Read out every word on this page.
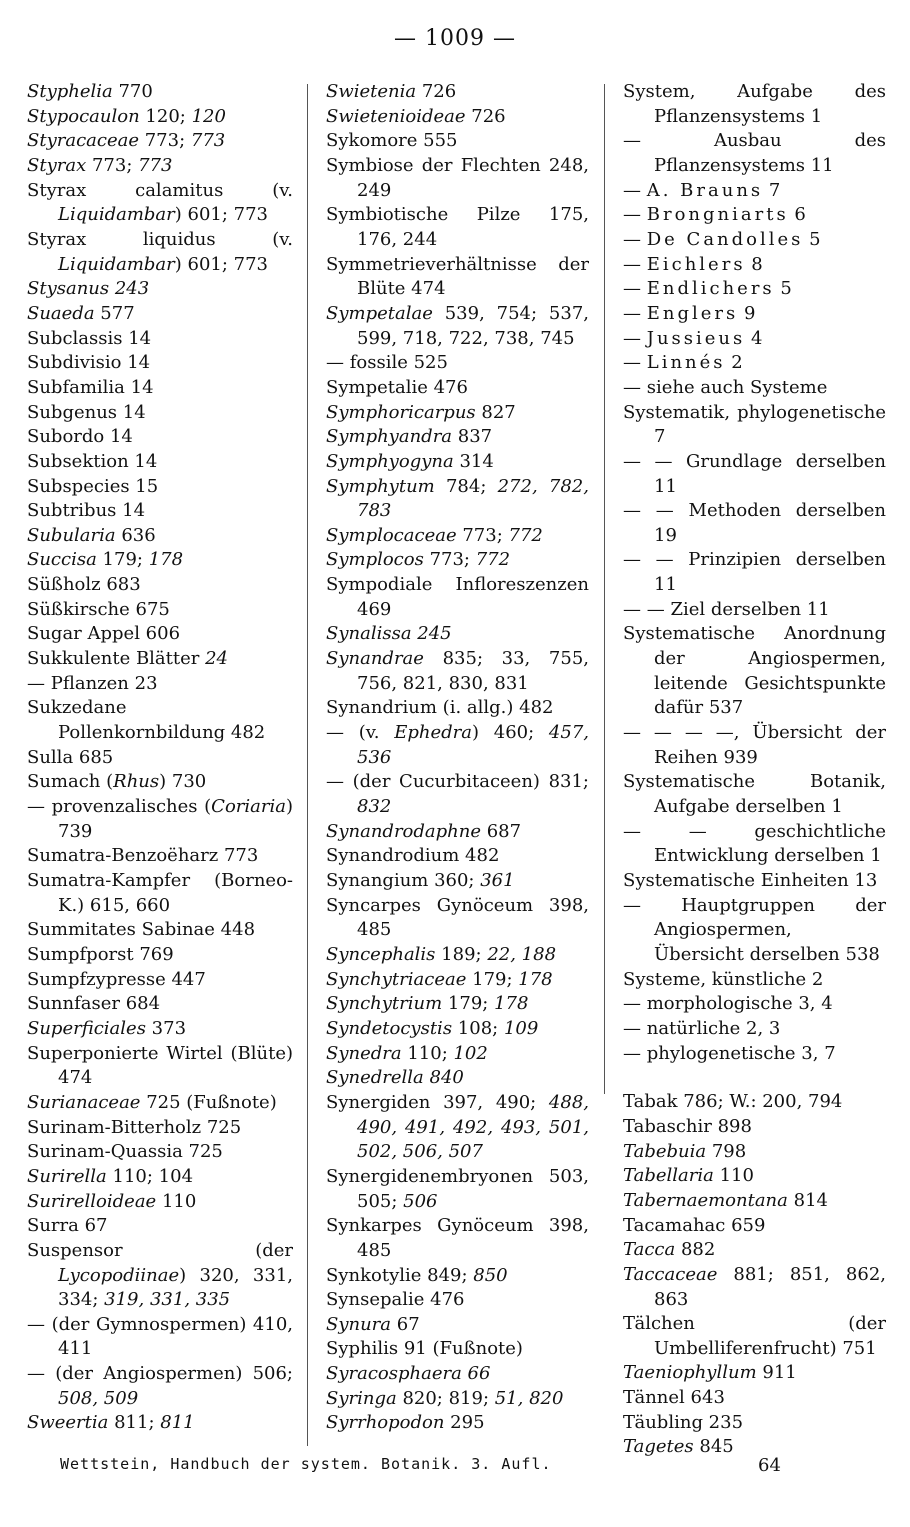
— 1009 —
Styphelia 770
Stypocaulon 120; 120
Styracaceae 773; 773
Styrax 773; 773
Styrax calamitus (v. Liquidambar) 601; 773
Styrax liquidus (v. Liquidambar) 601; 773
Stysanus 243
Suaeda 577
Subclassis 14
Subdivisio 14
Subfamilia 14
Subgenus 14
Subordo 14
Subsektion 14
Subspecies 15
Subtribus 14
Subularia 636
Succisa 179; 178
Süßholz 683
Süßkirsche 675
Sugar Appel 606
Sukkulente Blätter 24
— Pflanzen 23
Sukzedane Pollenkornbildung 482
Sulla 685
Sumach (Rhus) 730
— provenzalisches (Coriaria) 739
Sumatra-Benzoëharz 773
Sumatra-Kampfer (Borneo-K.) 615, 660
Summitates Sabinae 448
Sumpfporst 769
Sumpfzypresse 447
Sunnfaser 684
Superficiales 373
Superponierte Wirtel (Blüte) 474
Surianaceae 725 (Fußnote)
Surinam-Bitterholz 725
Surinam-Quassia 725
Surirella 110; 104
Surirelloideae 110
Surra 67
Suspensor (der Lycopodiinae) 320, 331, 334; 319, 331, 335
— (der Gymnospermen) 410, 411
— (der Angiospermen) 506; 508, 509
Sweertia 811; 811
Swietenia 726
Swietenioideae 726
Sykomore 555
Symbiose der Flechten 248, 249
Symbiotische Pilze 175, 176, 244
Symmetrieverhältnisse der Blüte 474
Sympetalae 539, 754; 537, 599, 718, 722, 738, 745
— fossile 525
Sympetalie 476
Symphoricarpus 827
Symphyandra 837
Symphyogyna 314
Symphytum 784; 272, 782, 783
Symplocaceae 773; 772
Symplocos 773; 772
Sympodiale Infloreszenzen 469
Synalissa 245
Synandrae 835; 33, 755, 756, 821, 830, 831
Synandrium (i. allg.) 482
— (v. Ephedra) 460; 457, 536
— (der Cucurbitaceen) 831; 832
Synandrodaphne 687
Synandrodium 482
Synangium 360; 361
Syncarpes Gynöceum 398, 485
Syncephalis 189; 22, 188
Synchytriaceae 179; 178
Synchytrium 179; 178
Syndetocystis 108; 109
Synedra 110; 102
Synedrella 840
Synergiden 397, 490; 488, 490, 491, 492, 493, 501, 502, 506, 507
Synergidenembryonen 503, 505; 506
Synkarpes Gynöceum 398, 485
Synkotylie 849; 850
Synsepalie 476
Synura 67
Syphilis 91 (Fußnote)
Syracosphaera 66
Syringa 820; 819; 51, 820
Syrrhopodon 295
System, Aufgabe des Pflanzensystems 1
— Ausbau des Pflanzensystems 11
— A. Brauns 7
— Brongniarts 6
— De Candolles 5
— Eichlers 8
— Endlichers 5
— Englers 9
— Jussieus 4
— Linnés 2
— siehe auch Systeme
Systematik, phylogenetische 7
— — Grundlage derselben 11
— — Methoden derselben 19
— — Prinzipien derselben 11
— — Ziel derselben 11
Systematische Anordnung der Angiospermen, leitende Gesichtspunkte dafür 537
— — — —, Übersicht der Reihen 939
Systematische Botanik, Aufgabe derselben 1
— — geschichtliche Entwicklung derselben 1
Systematische Einheiten 13
— Hauptgruppen der Angiospermen, Übersicht derselben 538
Systeme, künstliche 2
— morphologische 3, 4
— natürliche 2, 3
— phylogenetische 3, 7
Tabak 786; W.: 200, 794
Tabaschir 898
Tabebuia 798
Tabellaria 110
Tabernaemontana 814
Tacamahac 659
Tacca 882
Taccaceae 881; 851, 862, 863
Tälchen (der Umbelliferenfrucht) 751
Taeniophyllum 911
Tännel 643
Täubling 235
Tagetes 845
Wettstein, Handbuch der system. Botanik. 3. Aufl.	64
